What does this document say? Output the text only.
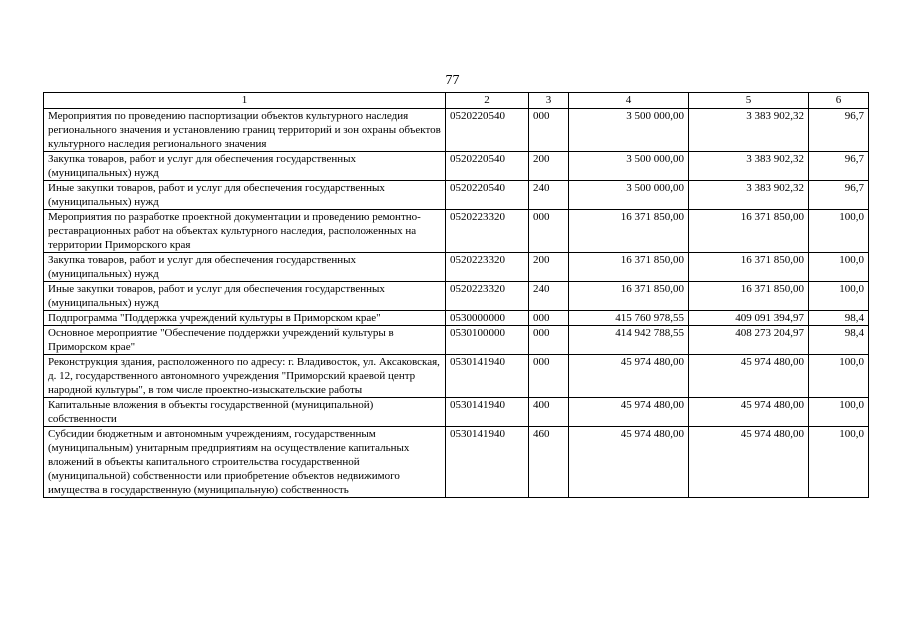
77
1	2	3	4	5	6
Мероприятия по проведению паспортизации объектов культурного наследия регионального значения и установлению границ территорий и зон охраны объектов культурного наследия регионального значения	0520220540	000	3 500 000,00	3 383 902,32	96,7
Закупка товаров, работ и услуг для обеспечения государственных (муниципальных) нужд	0520220540	200	3 500 000,00	3 383 902,32	96,7
Иные закупки товаров, работ и услуг для обеспечения государственных (муниципальных) нужд	0520220540	240	3 500 000,00	3 383 902,32	96,7
Мероприятия по разработке проектной документации и проведению ремонтно-реставрационных работ на объектах культурного наследия, расположенных на территории Приморского края	0520223320	000	16 371 850,00	16 371 850,00	100,0
Закупка товаров, работ и услуг для обеспечения государственных (муниципальных) нужд	0520223320	200	16 371 850,00	16 371 850,00	100,0
Иные закупки товаров, работ и услуг для обеспечения государственных (муниципальных) нужд	0520223320	240	16 371 850,00	16 371 850,00	100,0
Подпрограмма "Поддержка учреждений культуры в Приморском крае"	0530000000	000	415 760 978,55	409 091 394,97	98,4
Основное мероприятие "Обеспечение поддержки учреждений культуры в Приморском крае"	0530100000	000	414 942 788,55	408 273 204,97	98,4
Реконструкция здания, расположенного по адресу: г. Владивосток, ул. Аксаковская, д. 12, государственного автономного учреждения "Приморский краевой центр народной культуры", в том числе проектно-изыскательские работы	0530141940	000	45 974 480,00	45 974 480,00	100,0
Капитальные вложения в объекты государственной (муниципальной) собственности	0530141940	400	45 974 480,00	45 974 480,00	100,0
Субсидии бюджетным и автономным учреждениям, государственным (муниципальным) унитарным предприятиям на осуществление капитальных вложений в объекты капитального строительства государственной (муниципальной) собственности или приобретение объектов недвижимого имущества в государственную (муниципальную) собственность	0530141940	460	45 974 480,00	45 974 480,00	100,0
